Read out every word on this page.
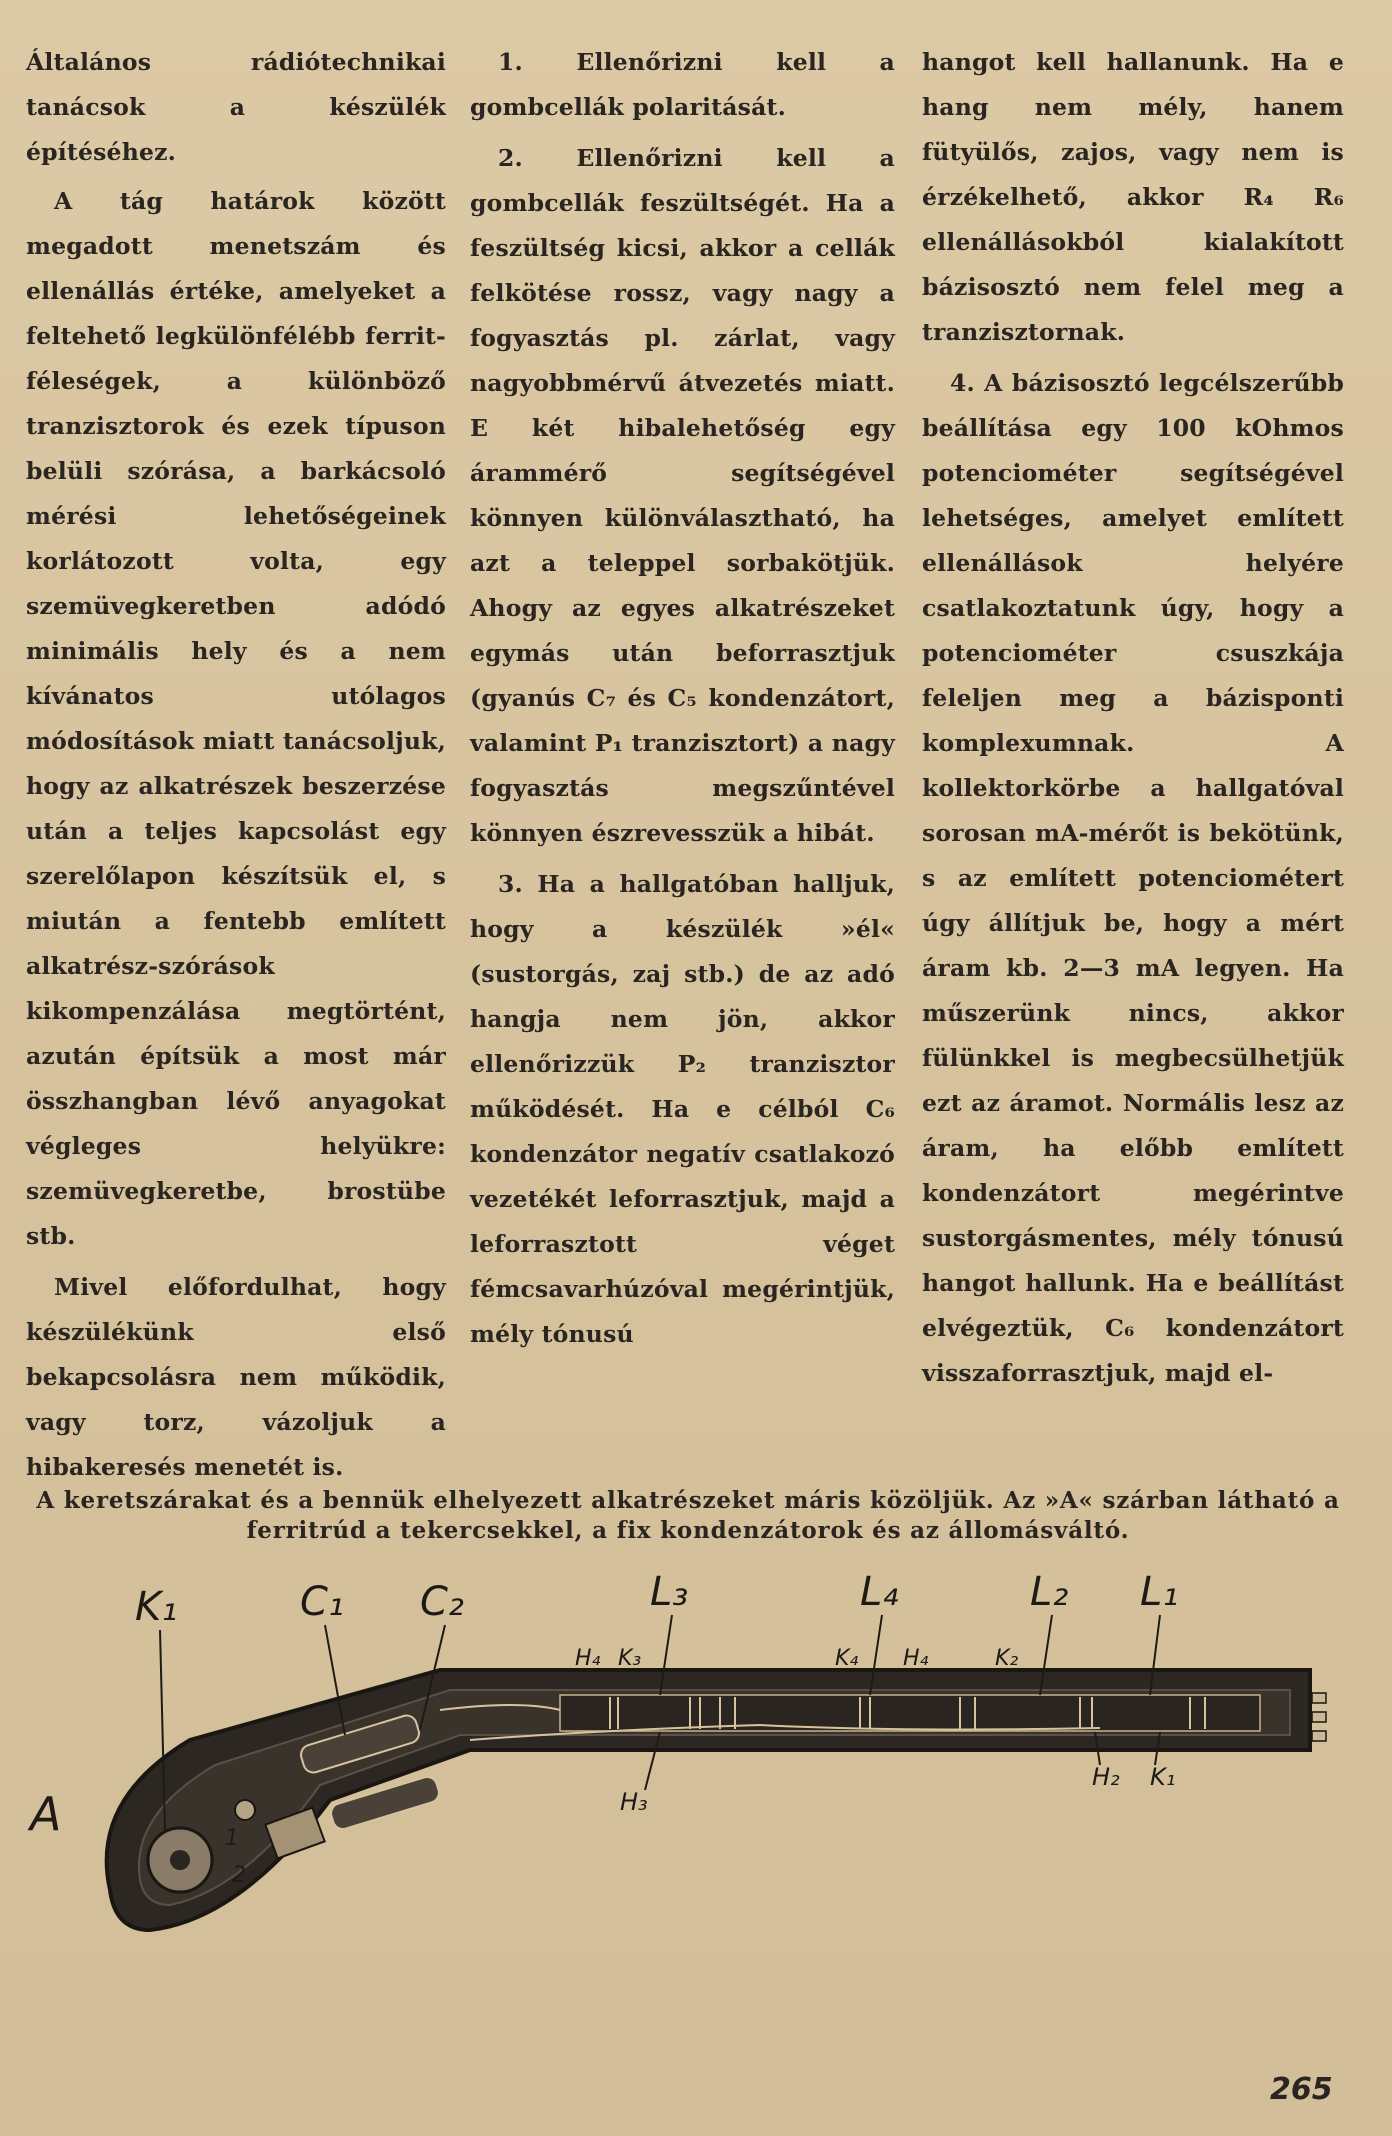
Általános rádiótechnikai tanácsok a készülék építéséhez.

A tág határok között megadott menetszám és ellenállás értéke, amelyeket a feltehető legkülönfélébb ferrit-féleségek, a különböző tranzisztorok és ezek típuson belüli szórása, a barkácsoló mérési lehetőségeinek korlátozott volta, egy szemüvegkeretben adódó minimális hely és a nem kívánatos utólagos módosítások miatt tanácsoljuk, hogy az alkatrészek beszerzése után a teljes kapcsolást egy szerelőlapon készítsük el, s miután a fentebb említett alkatrész-szórások kikompenzálása megtörtént, azután építsük a most már összhangban lévő anyagokat végleges helyükre: szemüvegkeretbe, brostübe stb.

Mivel előfordulhat, hogy készülékünk első bekapcsolásra nem működik, vagy torz, vázoljuk a hibakeresés menetét is.

1. Ellenőrizni kell a gombcellák polaritását.

2. Ellenőrizni kell a gombcellák feszültségét. Ha a feszültség kicsi, akkor a cellák felkötése rossz, vagy nagy a fogyasztás pl. zárlat, vagy nagyobbmérvű átvezetés miatt. E két hibalehetőség egy árammérő segítségével könnyen különválasztható, ha azt a teleppel sorbakötjük. Ahogy az egyes alkatrészeket egymás után beforrasztjuk (gyanús C₇ és C₅ kondenzátort, valamint P₁ tranzisztort) a nagy fogyasztás megszűntével könnyen észrevesszük a hibát.

3. Ha a hallgatóban halljuk, hogy a készülék »él« (sustorgás, zaj stb.) de az adó hangja nem jön, akkor ellenőrizzük P₂ tranzisztor működését. Ha e célból C₆ kondenzátor negatív csatlakozó vezetékét leforrasztjuk, majd a leforrasztott véget fémcsavarhúzóval megérintjük, mély tónusú

hangot kell hallanunk. Ha e hang nem mély, hanem fütyülős, zajos, vagy nem is érzékelhető, akkor R₄ R₆ ellenállásokból kialakított bázisosztó nem felel meg a tranzisztornak.

4. A bázisosztó legcélszerűbb beállítása egy 100 kOhmos potenciométer segítségével lehetséges, amelyet említett ellenállások helyére csatlakoztatunk úgy, hogy a potenciométer csuszkája feleljen meg a bázisponti komplexumnak. A kollektorkörbe a hallgatóval sorosan mA-mérőt is bekötünk, s az említett potenciométert úgy állítjuk be, hogy a mért áram kb. 2—3 mA legyen. Ha műszerünk nincs, akkor fülünkkel is megbecsülhetjük ezt az áramot. Normális lesz az áram, ha előbb említett kondenzátort megérintve sustorgásmentes, mély tónusú hangot hallunk. Ha e beállítást elvégeztük, C₆ kondenzátort visszaforrasztjuk, majd el-

A keretszárakat és a bennük elhelyezett alkatrészeket máris közöljük. Az »A« szárban látható a ferritrúd a tekercsekkel, a fix kondenzátorok és az állomásváltó.
A
K₁	C₁ C₂	L₃	L₄	L₂ L₁
H₄ K₃	K₄ H₄	K₂
H₃
H₂ K₁
1
2
265
